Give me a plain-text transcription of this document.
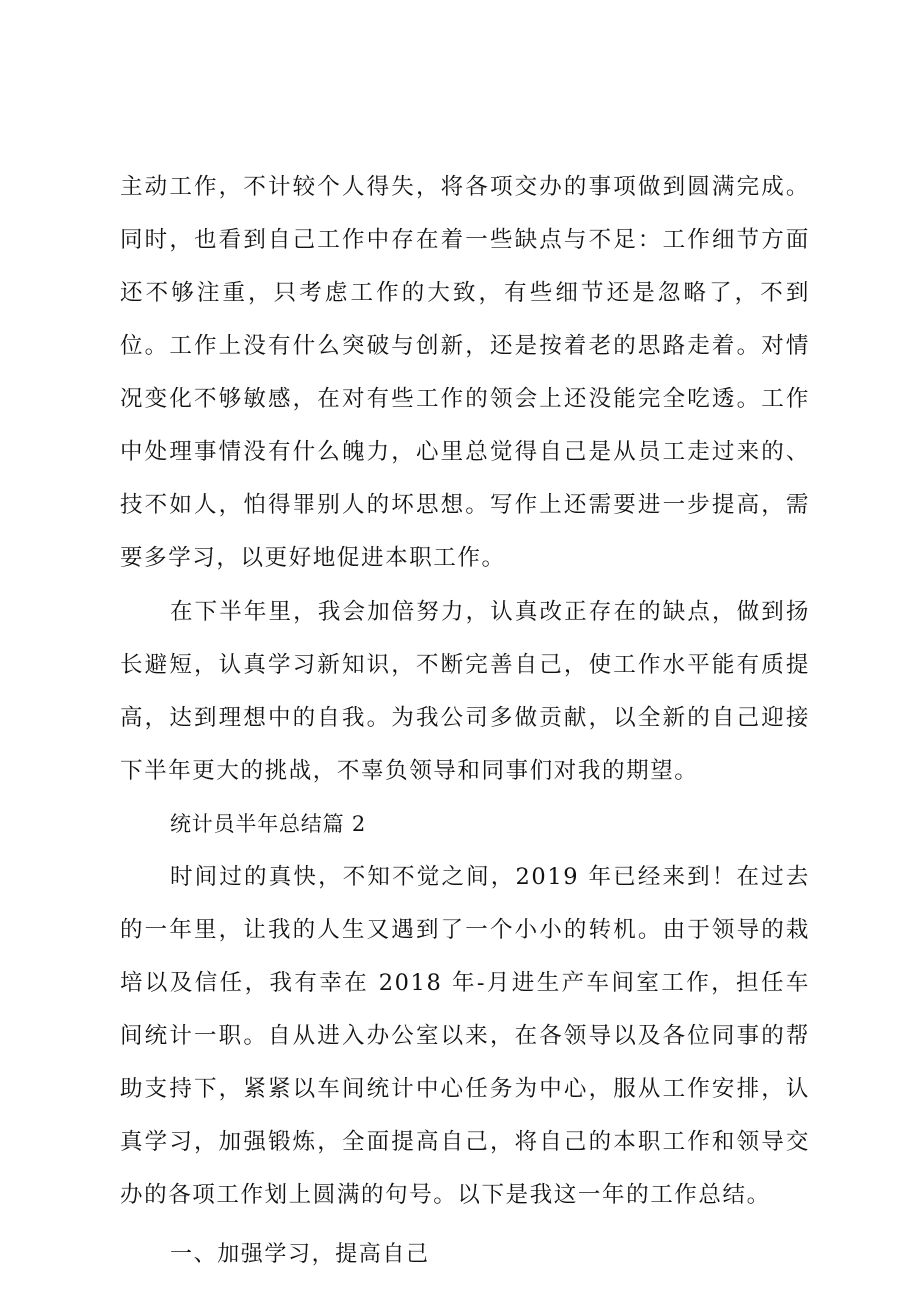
主动工作，不计较个人得失，将各项交办的事项做到圆满完成。同时，也看到自己工作中存在着一些缺点与不足：工作细节方面还不够注重，只考虑工作的大致，有些细节还是忽略了，不到位。工作上没有什么突破与创新，还是按着老的思路走着。对情况变化不够敏感，在对有些工作的领会上还没能完全吃透。工作中处理事情没有什么魄力，心里总觉得自己是从员工走过来的、技不如人，怕得罪别人的坏思想。写作上还需要进一步提高，需要多学习，以更好地促进本职工作。

在下半年里，我会加倍努力，认真改正存在的缺点，做到扬长避短，认真学习新知识，不断完善自己，使工作水平能有质提高，达到理想中的自我。为我公司多做贡献，以全新的自己迎接下半年更大的挑战，不辜负领导和同事们对我的期望。

统计员半年总结篇 2

时间过的真快，不知不觉之间，2019 年已经来到！在过去的一年里，让我的人生又遇到了一个小小的转机。由于领导的栽培以及信任，我有幸在 2018 年-月进生产车间室工作，担任车间统计一职。自从进入办公室以来，在各领导以及各位同事的帮助支持下，紧紧以车间统计中心任务为中心，服从工作安排，认真学习，加强锻炼，全面提高自己，将自己的本职工作和领导交办的各项工作划上圆满的句号。以下是我这一年的工作总结。

一、加强学习，提高自己
